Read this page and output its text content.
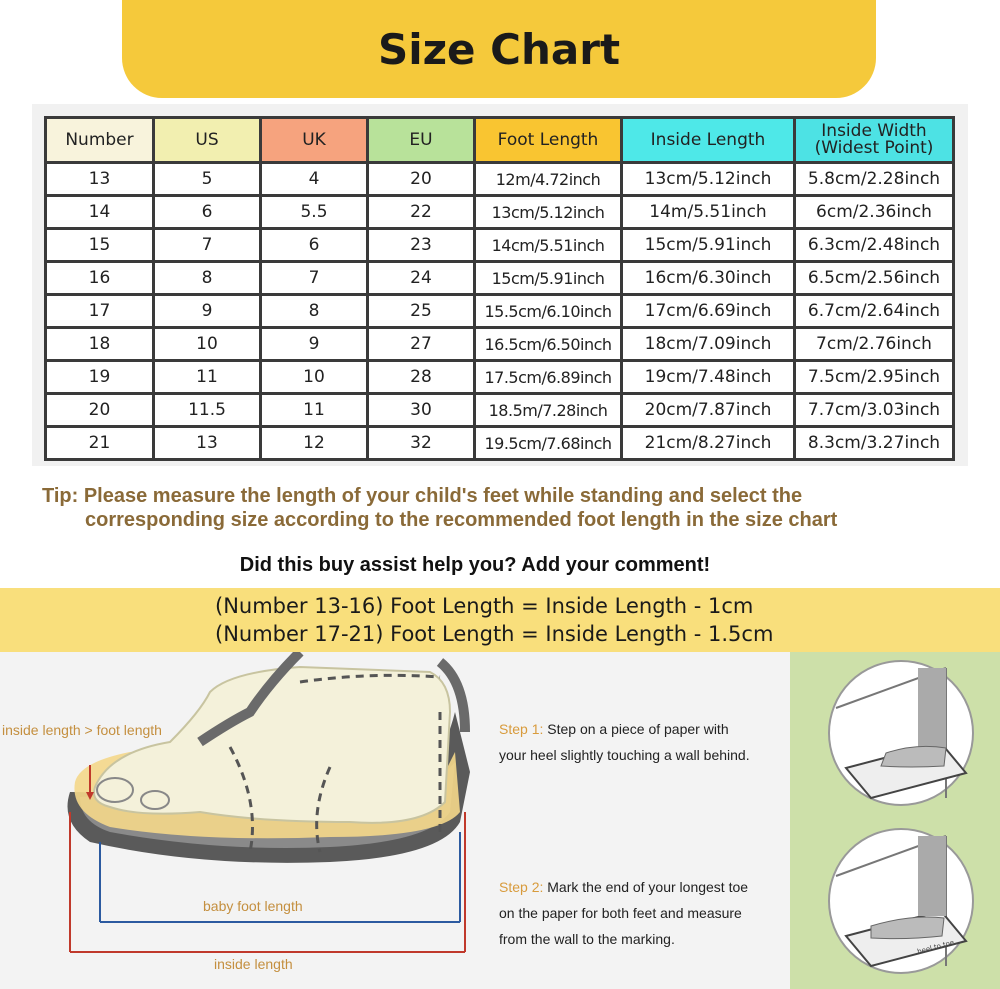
Size Chart
Number	US	UK	EU	Foot Length	Inside Length	Inside Width
(Widest Point)
13	5	4	20	12m/4.72inch	13cm/5.12inch	5.8cm/2.28inch
14	6	5.5	22	13cm/5.12inch	14m/5.51inch	6cm/2.36inch
15	7	6	23	14cm/5.51inch	15cm/5.91inch	6.3cm/2.48inch
16	8	7	24	15cm/5.91inch	16cm/6.30inch	6.5cm/2.56inch
17	9	8	25	15.5cm/6.10inch	17cm/6.69inch	6.7cm/2.64inch
18	10	9	27	16.5cm/6.50inch	18cm/7.09inch	7cm/2.76inch
19	11	10	28	17.5cm/6.89inch	19cm/7.48inch	7.5cm/2.95inch
20	11.5	11	30	18.5m/7.28inch	20cm/7.87inch	7.7cm/3.03inch
21	13	12	32	19.5cm/7.68inch	21cm/8.27inch	8.3cm/3.27inch
Tip: Please measure the length of your child's feet while standing and select the
corresponding size according to the recommended foot length in the size chart
Did this buy assist help you? Add your comment!
(Number 13-16) Foot Length = Inside Length - 1cm
(Number 17-21) Foot Length = Inside Length - 1.5cm
inside length > foot length
baby foot length
inside length
Step 1: Step on a piece of paper with
your heel slightly touching a wall behind.
Step 2: Mark the end of your longest toe
on the paper for both feet and measure
from the wall to the marking.	heel to toe
